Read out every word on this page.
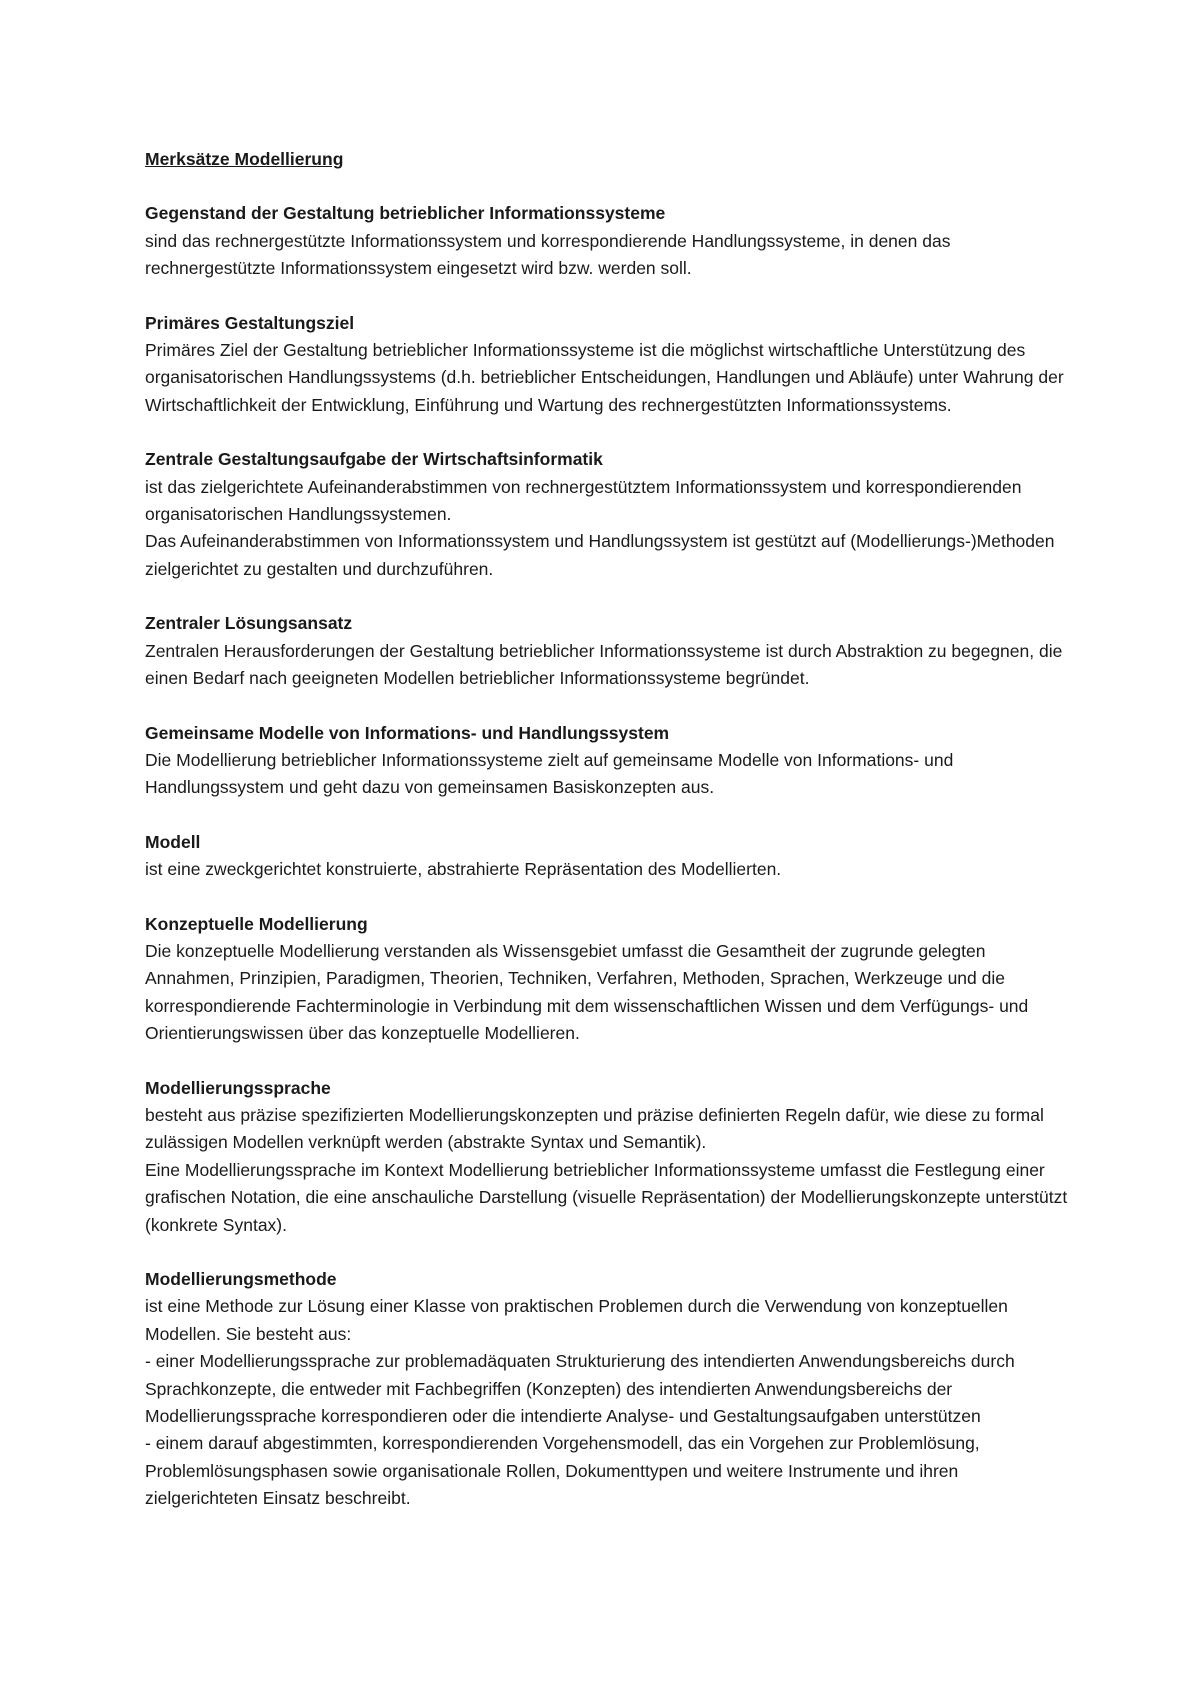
Merksätze Modellierung
Gegenstand der Gestaltung betrieblicher Informationssysteme
sind das rechnergestützte Informationssystem und korrespondierende Handlungssysteme, in denen das rechnergestützte Informationssystem eingesetzt wird bzw. werden soll.
Primäres Gestaltungsziel
Primäres Ziel der Gestaltung betrieblicher Informationssysteme ist die möglichst wirtschaftliche Unterstützung des organisatorischen Handlungssystems (d.h. betrieblicher Entscheidungen, Handlungen und Abläufe) unter Wahrung der Wirtschaftlichkeit der Entwicklung, Einführung und Wartung des rechnergestützten Informationssystems.
Zentrale Gestaltungsaufgabe der Wirtschaftsinformatik
ist das zielgerichtete Aufeinanderabstimmen von rechnergestütztem Informationssystem und korrespondierenden organisatorischen Handlungssystemen.
Das Aufeinanderabstimmen von Informationssystem und Handlungssystem ist gestützt auf (Modellierungs-)Methoden zielgerichtet zu gestalten und durchzuführen.
Zentraler Lösungsansatz
Zentralen Herausforderungen der Gestaltung betrieblicher Informationssysteme ist durch Abstraktion zu begegnen, die einen Bedarf nach geeigneten Modellen betrieblicher Informationssysteme begründet.
Gemeinsame Modelle von Informations- und Handlungssystem
Die Modellierung betrieblicher Informationssysteme zielt auf gemeinsame Modelle von Informations- und Handlungssystem und geht dazu von gemeinsamen Basiskonzepten aus.
Modell
ist eine zweckgerichtet konstruierte, abstrahierte Repräsentation des Modellierten.
Konzeptuelle Modellierung
Die konzeptuelle Modellierung verstanden als Wissensgebiet umfasst die Gesamtheit der zugrunde gelegten Annahmen, Prinzipien, Paradigmen, Theorien, Techniken, Verfahren, Methoden, Sprachen, Werkzeuge und die korrespondierende Fachterminologie in Verbindung mit dem wissenschaftlichen Wissen und dem Verfügungs- und Orientierungswissen über das konzeptuelle Modellieren.
Modellierungssprache
besteht aus präzise spezifizierten Modellierungskonzepten und präzise definierten Regeln dafür, wie diese zu formal zulässigen Modellen verknüpft werden (abstrakte Syntax und Semantik).
Eine Modellierungssprache im Kontext Modellierung betrieblicher Informationssysteme umfasst die Festlegung einer grafischen Notation, die eine anschauliche Darstellung (visuelle Repräsentation) der Modellierungskonzepte unterstützt (konkrete Syntax).
Modellierungsmethode
ist eine Methode zur Lösung einer Klasse von praktischen Problemen durch die Verwendung von konzeptuellen Modellen. Sie besteht aus:
- einer Modellierungssprache zur problemadäquaten Strukturierung des intendierten Anwendungsbereichs durch Sprachkonzepte, die entweder mit Fachbegriffen (Konzepten) des intendierten Anwendungsbereichs der Modellierungssprache korrespondieren oder die intendierte Analyse- und Gestaltungsaufgaben unterstützen
- einem darauf abgestimmten, korrespondierenden Vorgehensmodell, das ein Vorgehen zur Problemlösung, Problemlösungsphasen sowie organisationale Rollen, Dokumenttypen und weitere Instrumente und ihren zielgerichteten Einsatz beschreibt.
